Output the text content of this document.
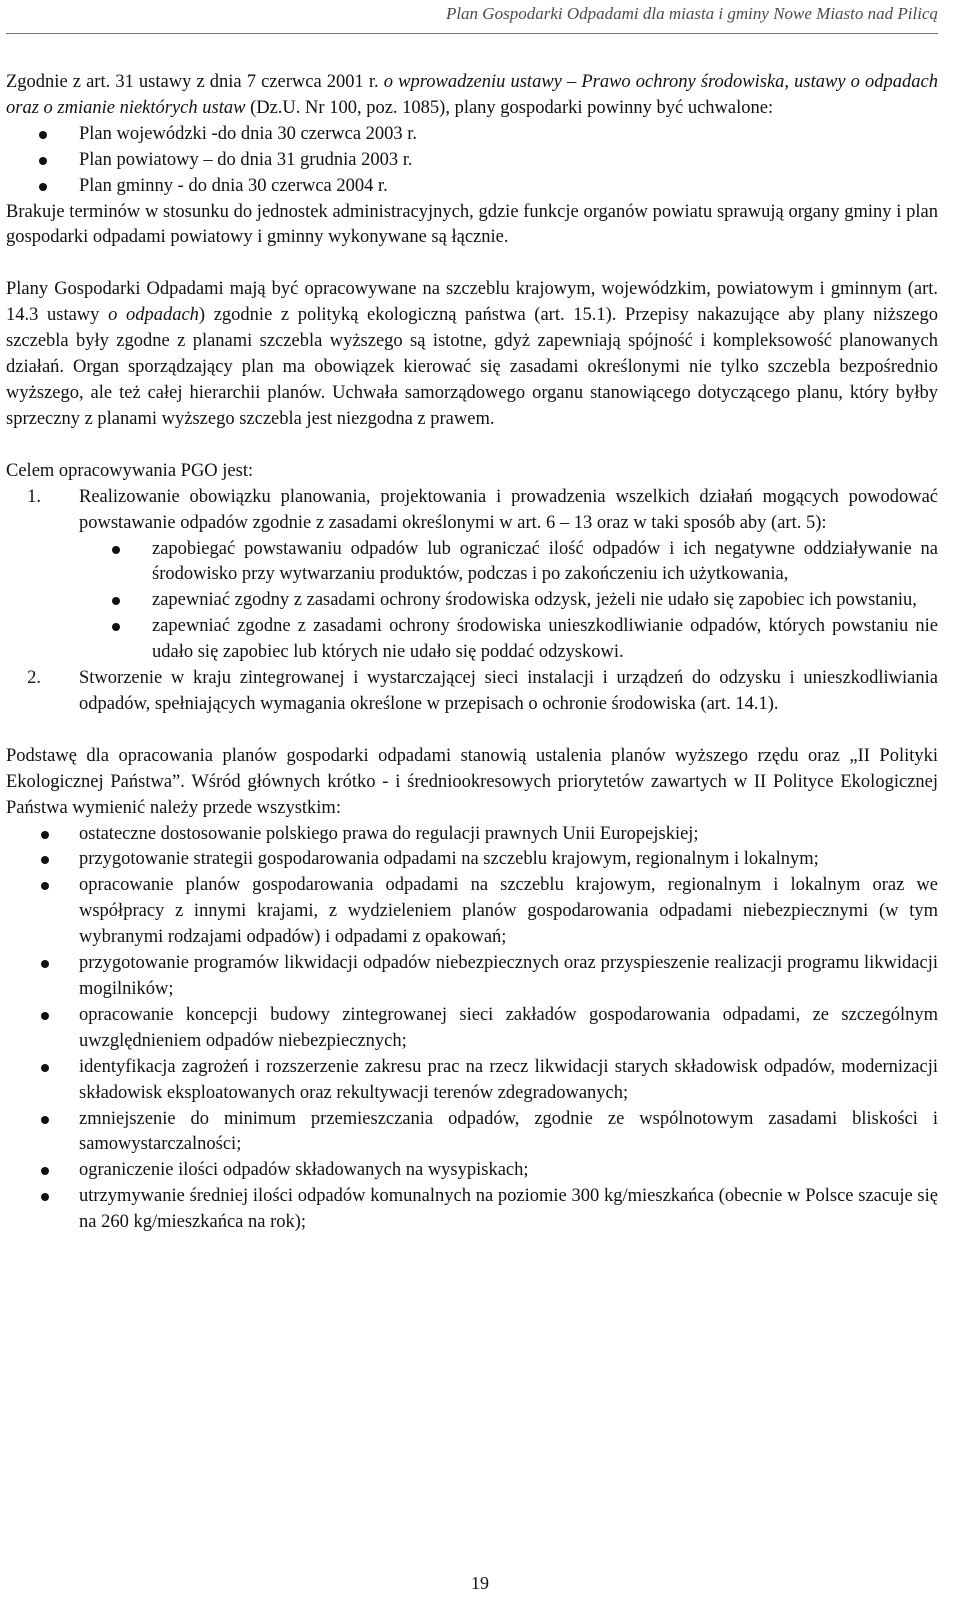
Plan Gospodarki Odpadami dla miasta i gminy Nowe Miasto nad Pilicą

Zgodnie z art. 31 ustawy z dnia 7 czerwca 2001 r. o wprowadzeniu ustawy – Prawo ochrony środowiska, ustawy o odpadach oraz o zmianie niektórych ustaw (Dz.U. Nr 100, poz. 1085), plany gospodarki powinny być uchwalone:

Plan wojewódzki -do dnia 30 czerwca 2003 r.
Plan powiatowy – do dnia 31 grudnia 2003 r.
Plan gminny - do dnia 30 czerwca 2004 r.

Brakuje terminów w stosunku do jednostek administracyjnych, gdzie funkcje organów powiatu sprawują organy gminy i plan gospodarki odpadami powiatowy i gminny wykonywane są łącznie.

Plany Gospodarki Odpadami mają być opracowywane na szczeblu krajowym, wojewódzkim, powiatowym i gminnym (art. 14.3 ustawy o odpadach) zgodnie z polityką ekologiczną państwa (art. 15.1). Przepisy nakazujące aby plany niższego szczebla były zgodne z planami szczebla wyższego są istotne, gdyż zapewniają spójność i kompleksowość planowanych działań. Organ sporządzający plan ma obowiązek kierować się zasadami określonymi nie tylko szczebla bezpośrednio wyższego, ale też całej hierarchii planów. Uchwała samorządowego organu stanowiącego dotyczącego planu, który byłby sprzeczny z planami wyższego szczebla jest niezgodna z prawem.

Celem opracowywania PGO jest:

1. Realizowanie obowiązku planowania, projektowania i prowadzenia wszelkich działań mogących powodować powstawanie odpadów zgodnie z zasadami określonymi w art. 6 – 13 oraz w taki sposób aby (art. 5):
zapobiegać powstawaniu odpadów lub ograniczać ilość odpadów i ich negatywne oddziaływanie na środowisko przy wytwarzaniu produktów, podczas i po zakończeniu ich użytkowania,
zapewniać zgodny z zasadami ochrony środowiska odzysk, jeżeli nie udało się zapobiec ich powstaniu,
zapewniać zgodne z zasadami ochrony środowiska unieszkodliwianie odpadów, których powstaniu nie udało się zapobiec lub których nie udało się poddać odzyskowi.
2. Stworzenie w kraju zintegrowanej i wystarczającej sieci instalacji i urządzeń do odzysku i unieszkodliwiania odpadów, spełniających wymagania określone w przepisach o ochronie środowiska (art. 14.1).

Podstawę dla opracowania planów gospodarki odpadami stanowią ustalenia planów wyższego rzędu oraz „II Polityki Ekologicznej Państwa”. Wśród głównych krótko - i średniookresowych priorytetów zawartych w II Polityce Ekologicznej Państwa wymienić należy przede wszystkim:

ostateczne dostosowanie polskiego prawa do regulacji prawnych Unii Europejskiej;
przygotowanie strategii gospodarowania odpadami na szczeblu krajowym, regionalnym i lokalnym;
opracowanie planów gospodarowania odpadami na szczeblu krajowym, regionalnym i lokalnym oraz we współpracy z innymi krajami, z wydzieleniem planów gospodarowania odpadami niebezpiecznymi (w tym wybranymi rodzajami odpadów) i odpadami z opakowań;
przygotowanie programów likwidacji odpadów niebezpiecznych oraz przyspieszenie realizacji programu likwidacji mogilników;
opracowanie koncepcji budowy zintegrowanej sieci zakładów gospodarowania odpadami, ze szczególnym uwzględnieniem odpadów niebezpiecznych;
identyfikacja zagrożeń i rozszerzenie zakresu prac na rzecz likwidacji starych składowisk odpadów, modernizacji składowisk eksploatowanych oraz rekultywacji terenów zdegradowanych;
zmniejszenie do minimum przemieszczania odpadów, zgodnie ze wspólnotowym zasadami bliskości i samowystarczalności;
ograniczenie ilości odpadów składowanych na wysypiskach;
utrzymywanie średniej ilości odpadów komunalnych na poziomie 300 kg/mieszkańca (obecnie w Polsce szacuje się na 260 kg/mieszkańca na rok);
19
